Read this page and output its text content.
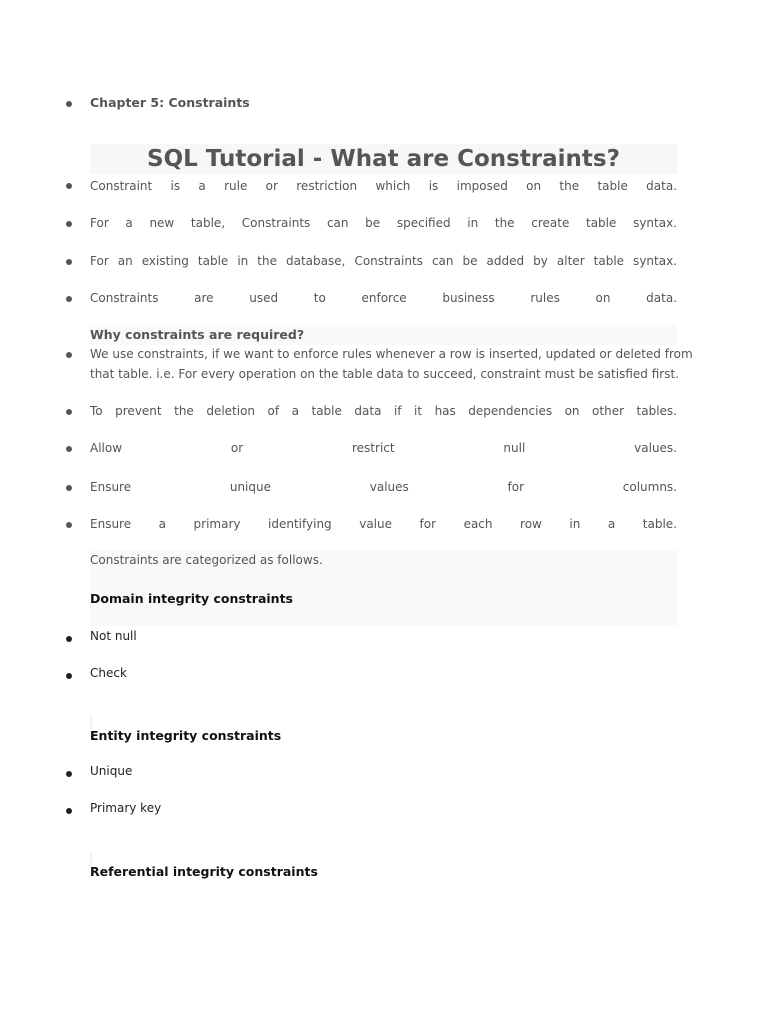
Chapter 5: Constraints
SQL Tutorial - What are Constraints?
Constraint is a rule or restriction which is imposed on the table data.
For a new table, Constraints can be specified in the create table syntax.
For an existing table in the database, Constraints can be added by alter table syntax.
Constraints are used to enforce business rules on data.
Why constraints are required?
We use constraints, if we want to enforce rules whenever a row is inserted, updated or deleted from
that table. i.e. For every operation on the table data to succeed, constraint must be satisfied first.
To prevent the deletion of a table data if it has dependencies on other tables.
Allow or restrict null values.
Ensure unique values for columns.
Ensure a primary identifying value for each row in a table.
Constraints are categorized as follows.
Domain integrity constraints
Not null
Check
Entity integrity constraints
Unique
Primary key
Referential integrity constraints
